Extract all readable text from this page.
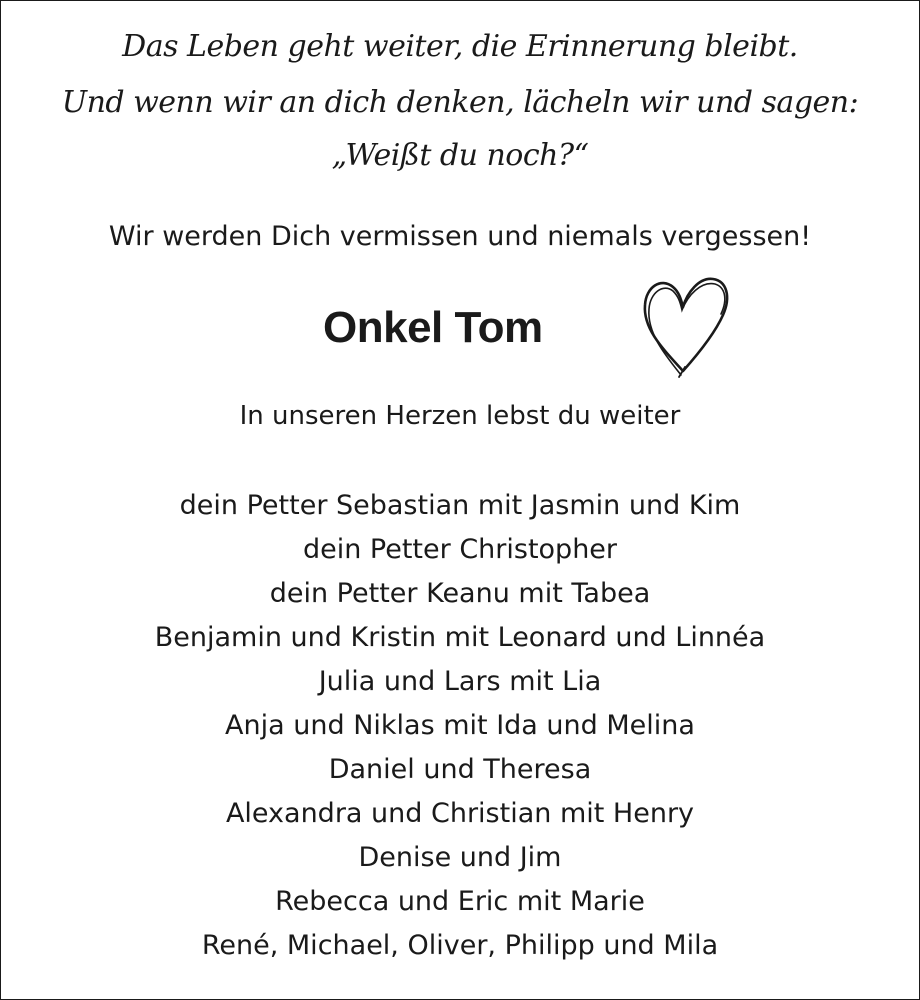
Das Leben geht weiter, die Erinnerung bleibt.

Und wenn wir an dich denken, lächeln wir und sagen:

„Weißt du noch?“

Wir werden Dich vermissen und niemals vergessen!

Onkel Tom

In unseren Herzen lebst du weiter

dein Petter Sebastian mit Jasmin und Kim

dein Petter Christopher

dein Petter Keanu mit Tabea

Benjamin und Kristin mit Leonard und Linnéa

Julia und Lars mit Lia

Anja und Niklas mit Ida und Melina

Daniel und Theresa

Alexandra und Christian mit Henry

Denise und Jim

Rebecca und Eric mit Marie

René, Michael, Oliver, Philipp und Mila
